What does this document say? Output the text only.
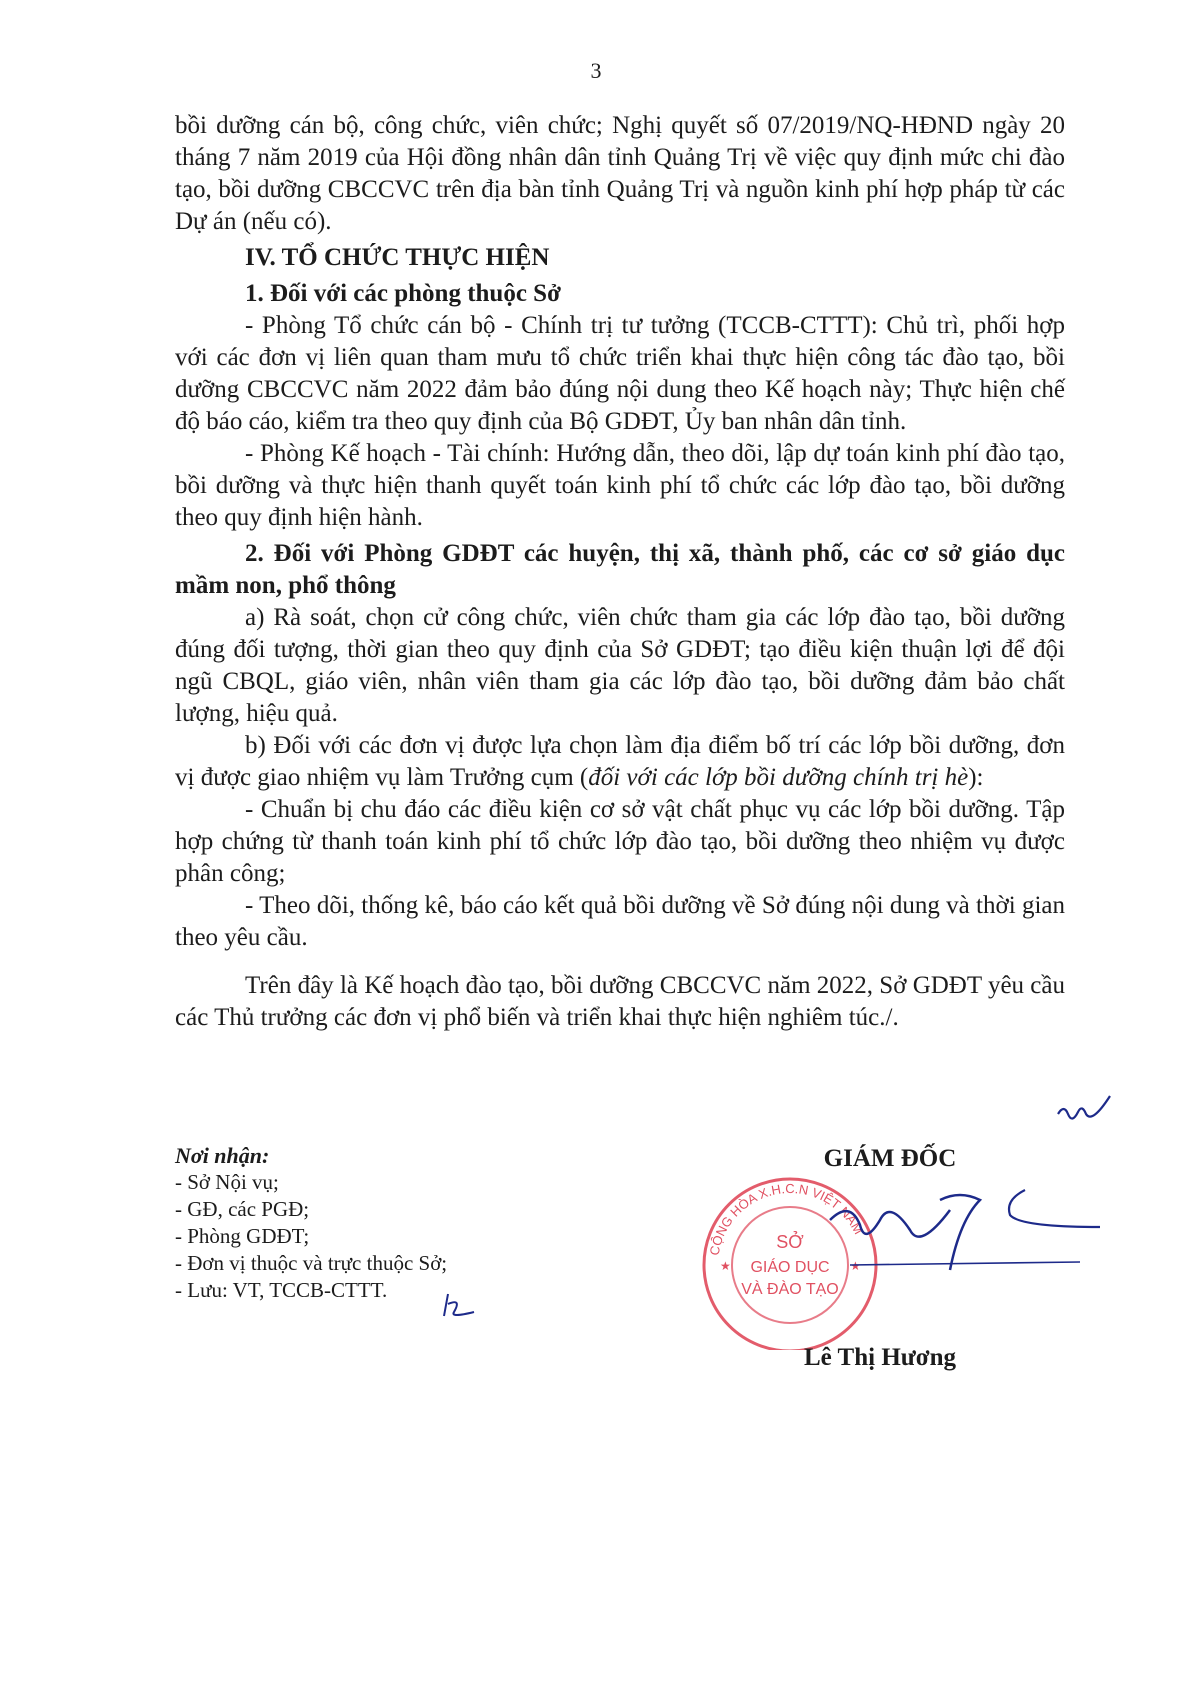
3

bồi dưỡng cán bộ, công chức, viên chức; Nghị quyết số 07/2019/NQ-HĐND ngày 20 tháng 7 năm 2019 của Hội đồng nhân dân tỉnh Quảng Trị về việc quy định mức chi đào tạo, bồi dưỡng CBCCVC trên địa bàn tỉnh Quảng Trị và nguồn kinh phí hợp pháp từ các Dự án (nếu có).

IV. TỔ CHỨC THỰC HIỆN

1. Đối với các phòng thuộc Sở

- Phòng Tổ chức cán bộ - Chính trị tư tưởng (TCCB-CTTT): Chủ trì, phối hợp với các đơn vị liên quan tham mưu tổ chức triển khai thực hiện công tác đào tạo, bồi dưỡng CBCCVC năm 2022 đảm bảo đúng nội dung theo Kế hoạch này; Thực hiện chế độ báo cáo, kiểm tra theo quy định của Bộ GDĐT, Ủy ban nhân dân tỉnh.

- Phòng Kế hoạch - Tài chính: Hướng dẫn, theo dõi, lập dự toán kinh phí đào tạo, bồi dưỡng và thực hiện thanh quyết toán kinh phí tổ chức các lớp đào tạo, bồi dưỡng theo quy định hiện hành.

2. Đối với Phòng GDĐT các huyện, thị xã, thành phố, các cơ sở giáo dục mầm non, phổ thông

a) Rà soát, chọn cử công chức, viên chức tham gia các lớp đào tạo, bồi dưỡng đúng đối tượng, thời gian theo quy định của Sở GDĐT; tạo điều kiện thuận lợi để đội ngũ CBQL, giáo viên, nhân viên tham gia các lớp đào tạo, bồi dưỡng đảm bảo chất lượng, hiệu quả.

b) Đối với các đơn vị được lựa chọn làm địa điểm bố trí các lớp bồi dưỡng, đơn vị được giao nhiệm vụ làm Trưởng cụm (đối với các lớp bồi dưỡng chính trị hè):

- Chuẩn bị chu đáo các điều kiện cơ sở vật chất phục vụ các lớp bồi dưỡng. Tập hợp chứng từ thanh toán kinh phí tổ chức lớp đào tạo, bồi dưỡng theo nhiệm vụ được phân công;

- Theo dõi, thống kê, báo cáo kết quả bồi dưỡng về Sở đúng nội dung và thời gian theo yêu cầu.

Trên đây là Kế hoạch đào tạo, bồi dưỡng CBCCVC năm 2022, Sở GDĐT yêu cầu các Thủ trưởng các đơn vị phổ biến và triển khai thực hiện nghiêm túc./.

Nơi nhận:
- Sở Nội vụ;
- GĐ, các PGĐ;
- Phòng GDĐT;
- Đơn vị thuộc và trực thuộc Sở;
- Lưu: VT, TCCB-CTTT.
GIÁM ĐỐC
CỘNG HÒA X.H.C.N VIỆT NAM
SỞ
GIÁO DỤC
VÀ ĐÀO TẠO
★	★
Lê Thị Hương
